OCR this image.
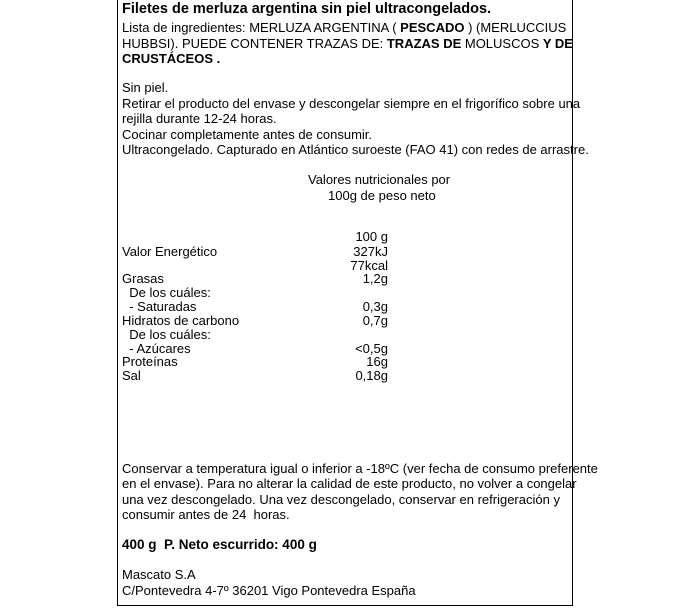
Filetes de merluza argentina sin piel ultracongelados.
Lista de ingredientes: MERLUZA ARGENTINA ( PESCADO ) (MERLUCCIUS
HUBBSI). PUEDE CONTENER TRAZAS DE: TRAZAS DE MOLUSCOS Y DE
CRUSTÁCEOS .
Sin piel.
Retirar el producto del envase y descongelar siempre en el frigorífico sobre una
rejilla durante 12-24 horas.
Cocinar completamente antes de consumir.
Ultracongelado. Capturado en Atlántico suroeste (FAO 41) con redes de arrastre.
Valores nutricionales por
100g de peso neto
100 g
Valor Energético	327kJ
77kcal
Grasas	1,2g
De los cuáles:
- Saturadas	0,3g
Hidratos de carbono	0,7g
De los cuáles:
- Azúcares	<0,5g
Proteínas	16g
Sal	0,18g
Conservar a temperatura igual o inferior a -18ºC (ver fecha de consumo preferente
en el envase). Para no alterar la calidad de este producto, no volver a congelar
una vez descongelado. Una vez descongelado, conservar en refrigeración y
consumir antes de 24  horas.
400 g  P. Neto escurrido: 400 g
Mascato S.A
C/Pontevedra 4-7º 36201 Vigo Pontevedra España
